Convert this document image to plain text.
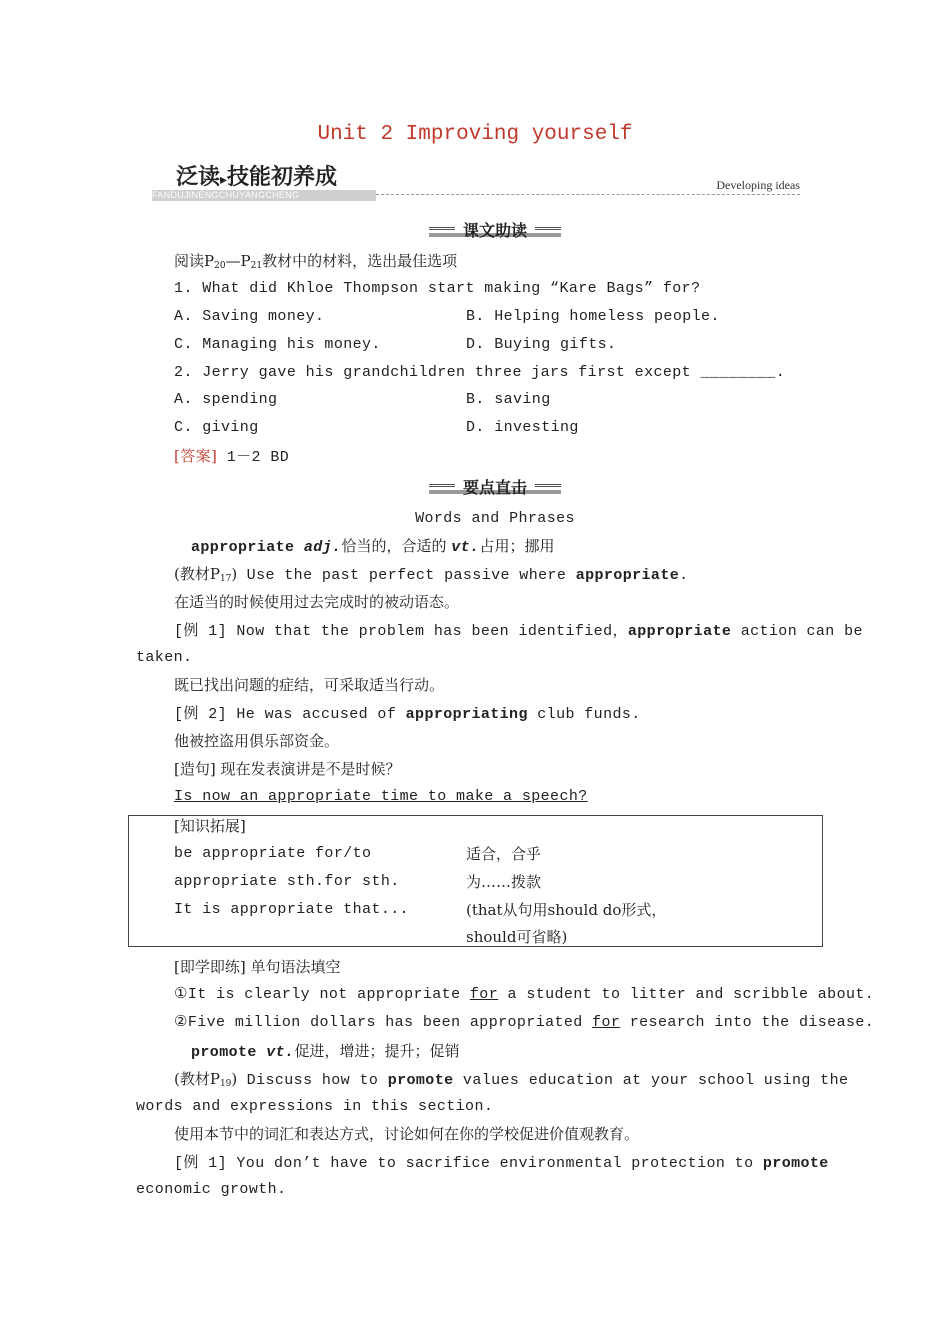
Unit 2 Improving yourself
泛读▸技能初养成
FANDUJINENGCHUYANGCHENG
Developing ideas
课文助读
阅读$P_{20}—P_{21}$教材中的材料，选出最佳选项
1. What did Khloe Thompson start making “Kare Bags” for?
A. Saving money.	B. Helping homeless people.
C. Managing his money.	D. Buying gifts.
2. Jerry gave his grandchildren three jars first except ________.
A. spending	B. saving
C. giving	D. investing
[答案] 1－2 BD
要点直击
Words and Phrases
appropriate adj.恰当的，合适的 vt.占用；挪用
(教材$P_{17}$) Use the past perfect passive where appropriate.
在适当的时候使用过去完成时的被动语态。
[例 1] Now that the problem has been identified，appropriate action can be
taken.
既已找出问题的症结，可采取适当行动。
[例 2] He was accused of appropriating club funds.
他被控盗用俱乐部资金。
[造句] 现在发表演讲是不是时候？
Is now an appropriate time to make a speech?
[知识拓展]
be appropriate for/to	适合，合乎
appropriate sth.for sth.	为……拨款
It is appropriate that...	(that从句用should do形式，
should可省略)
[即学即练] 单句语法填空
①It is clearly not appropriate for a student to litter and scribble about.
②Five million dollars has been appropriated for research into the disease.
promote vt.促进，增进；提升；促销
(教材$P_{19}$) Discuss how to promote values education at your school using the
words and expressions in this section.
使用本节中的词汇和表达方式，讨论如何在你的学校促进价值观教育。
[例 1] You don’t have to sacrifice environmental protection to promote
economic growth.
